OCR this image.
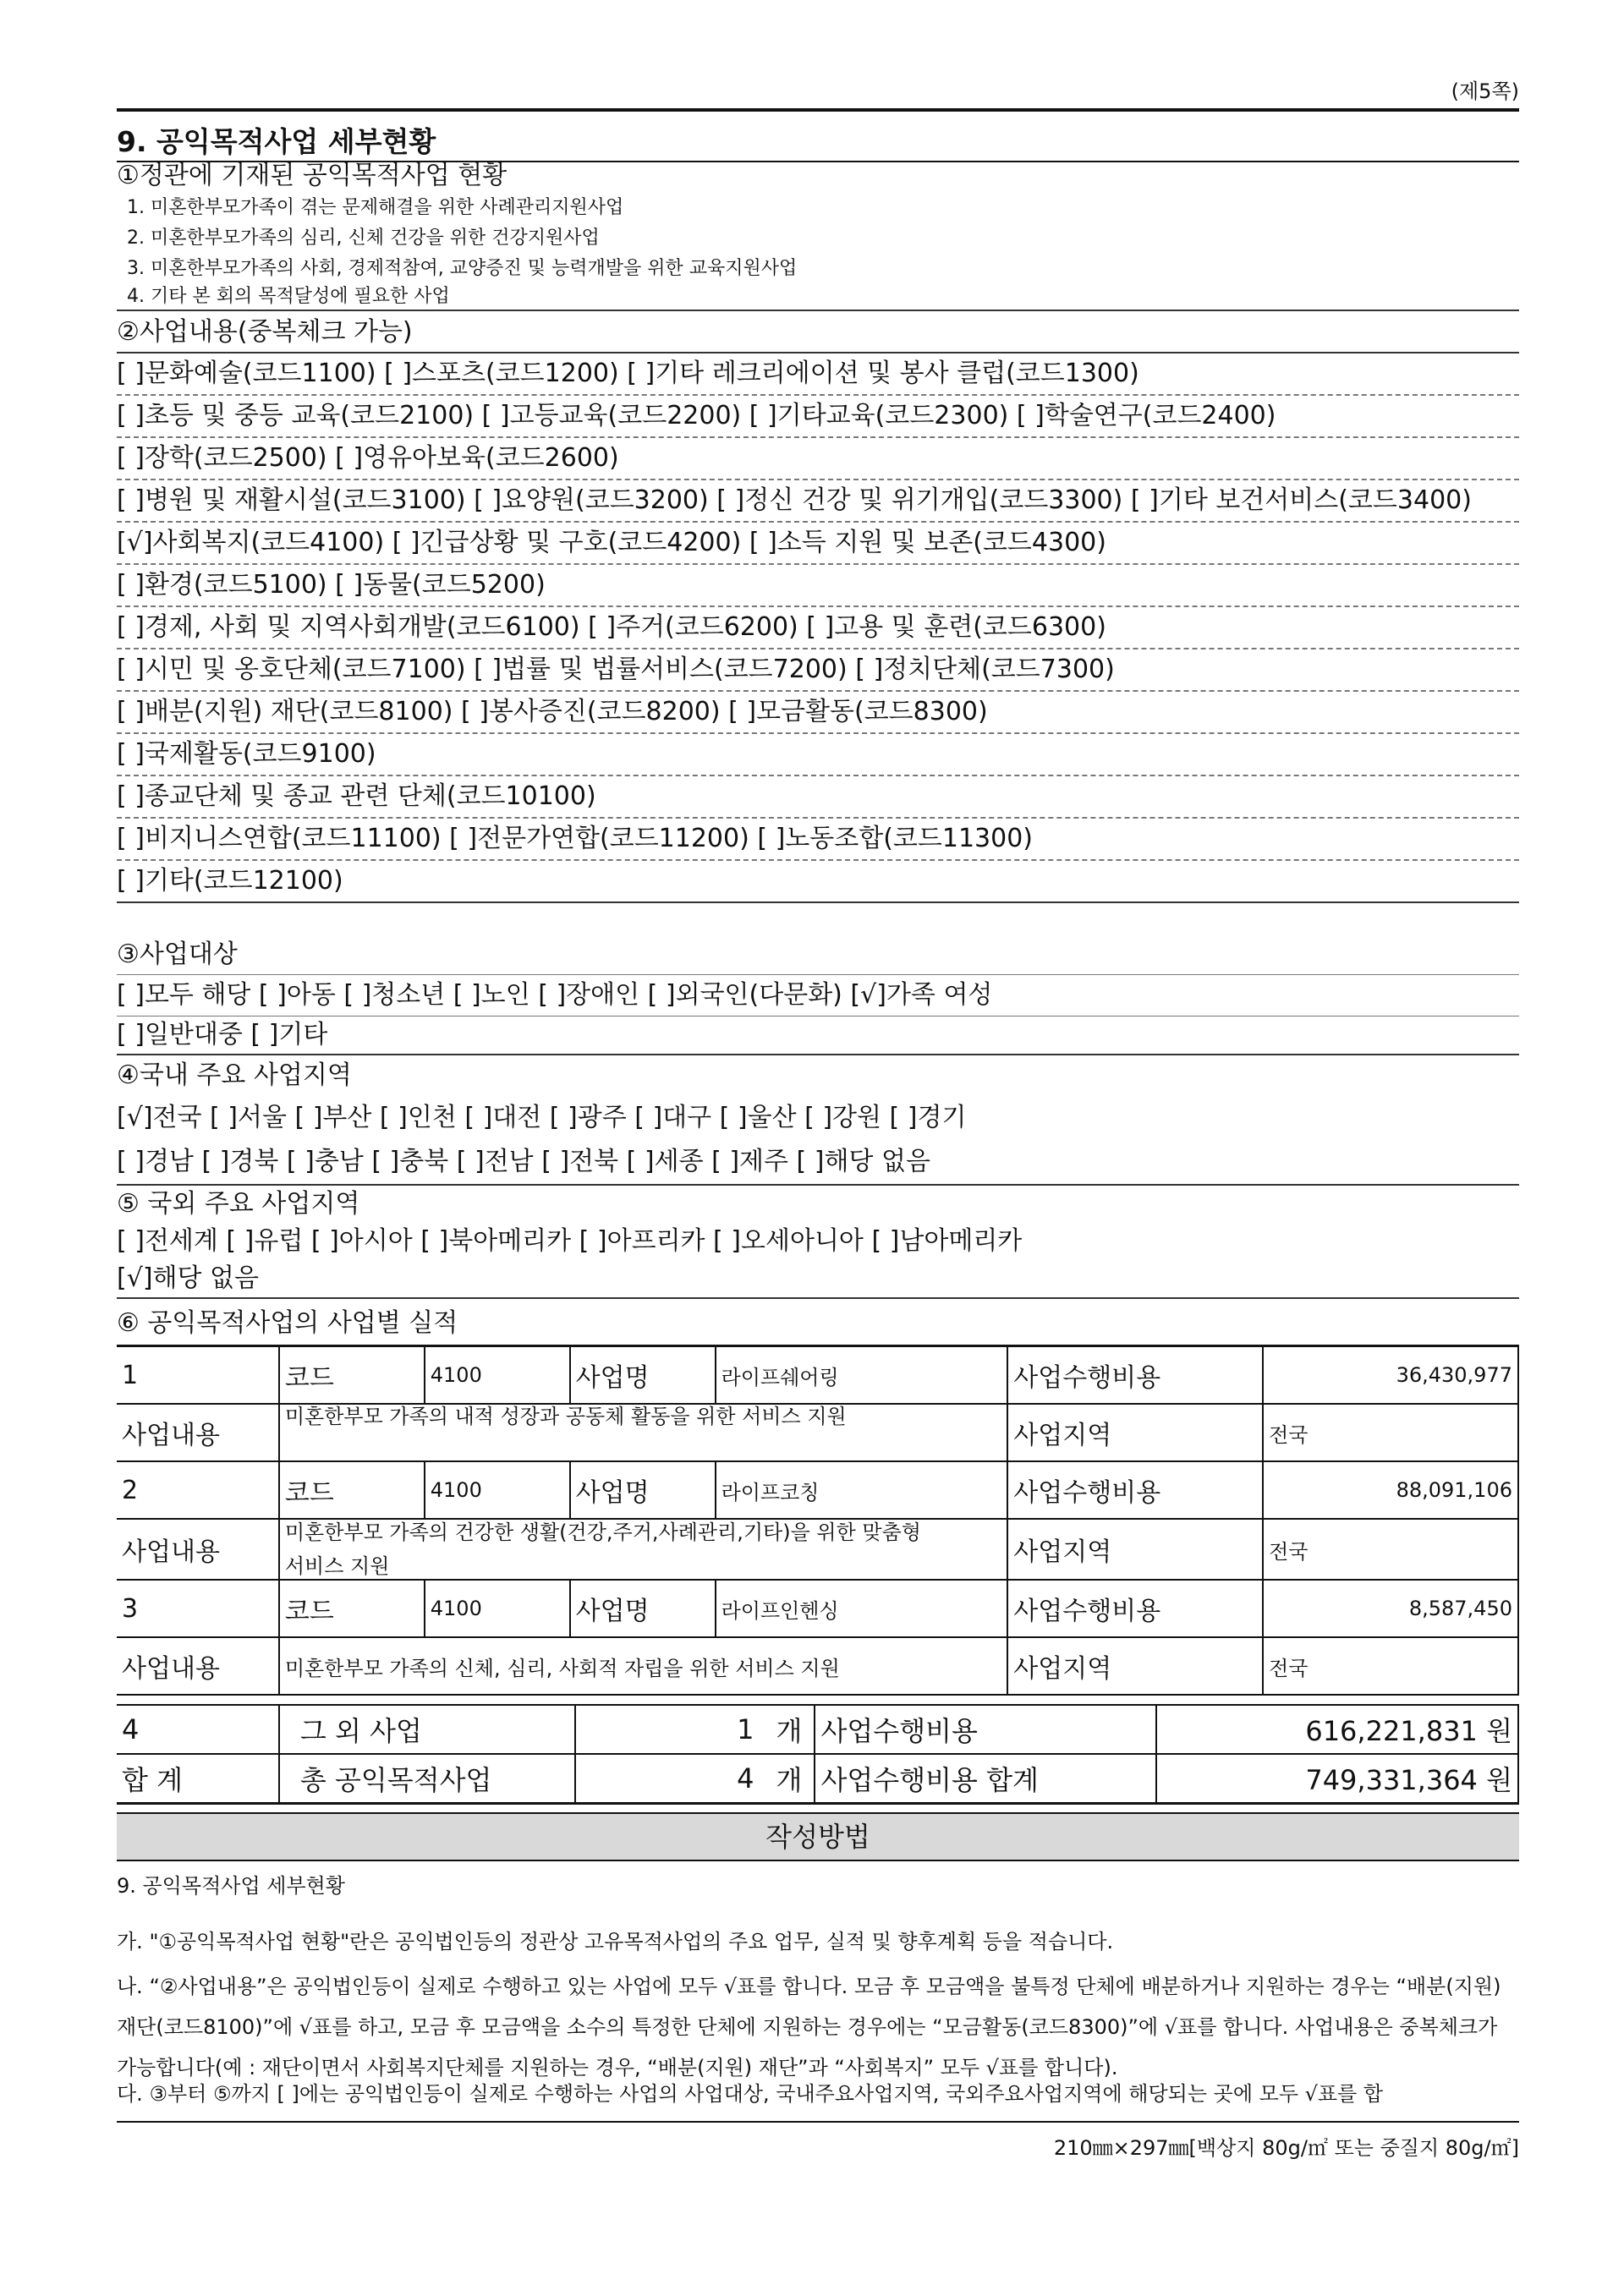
(제5쪽)
9. 공익목적사업 세부현황
①정관에 기재된 공익목적사업 현황
1. 미혼한부모가족이 겪는 문제해결을 위한 사례관리지원사업
2. 미혼한부모가족의 심리, 신체 건강을 위한 건강지원사업
3. 미혼한부모가족의 사회, 경제적참여, 교양증진 및 능력개발을 위한 교육지원사업
4. 기타 본 회의 목적달성에 필요한 사업
②사업내용(중복체크 가능)
[ ]문화예술(코드1100) [ ]스포츠(코드1200) [ ]기타 레크리에이션 및 봉사 클럽(코드1300)
[ ]초등 및 중등 교육(코드2100) [ ]고등교육(코드2200) [ ]기타교육(코드2300) [ ]학술연구(코드2400)
[ ]장학(코드2500) [ ]영유아보육(코드2600)
[ ]병원 및 재활시설(코드3100) [ ]요양원(코드3200) [ ]정신 건강 및 위기개입(코드3300) [ ]기타 보건서비스(코드3400)
[√]사회복지(코드4100) [ ]긴급상황 및 구호(코드4200) [ ]소득 지원 및 보존(코드4300)
[ ]환경(코드5100) [ ]동물(코드5200)
[ ]경제, 사회 및 지역사회개발(코드6100) [ ]주거(코드6200) [ ]고용 및 훈련(코드6300)
[ ]시민 및 옹호단체(코드7100) [ ]법률 및 법률서비스(코드7200) [ ]정치단체(코드7300)
[ ]배분(지원) 재단(코드8100) [ ]봉사증진(코드8200) [ ]모금활동(코드8300)
[ ]국제활동(코드9100)
[ ]종교단체 및 종교 관련 단체(코드10100)
[ ]비지니스연합(코드11100) [ ]전문가연합(코드11200) [ ]노동조합(코드11300)
[ ]기타(코드12100)
③사업대상
[ ]모두 해당 [ ]아동 [ ]청소년 [ ]노인 [ ]장애인 [ ]외국인(다문화) [√]가족 여성
[ ]일반대중 [ ]기타
④국내 주요 사업지역
[√]전국 [ ]서울 [ ]부산 [ ]인천 [ ]대전 [ ]광주 [ ]대구 [ ]울산 [ ]강원 [ ]경기
[ ]경남 [ ]경북 [ ]충남 [ ]충북 [ ]전남 [ ]전북 [ ]세종 [ ]제주 [ ]해당 없음
⑤ 국외 주요 사업지역
[ ]전세계 [ ]유럽 [ ]아시아 [ ]북아메리카 [ ]아프리카 [ ]오세아니아 [ ]남아메리카
[√]해당 없음
⑥ 공익목적사업의 사업별 실적
1	코드	4100	사업명	라이프쉐어링	사업수행비용	36,430,977
사업내용	미혼한부모 가족의 내적 성장과 공동체 활동을 위한 서비스 지원				사업지역	전국
2	코드	4100	사업명	라이프코칭	사업수행비용	88,091,106
사업내용	미혼한부모 가족의 건강한 생활(건강,주거,사례관리,기타)을 위한 맞춤형
서비스 지원				사업지역	전국
3	코드	4100	사업명	라이프인헨싱	사업수행비용	8,587,450
사업내용	미혼한부모 가족의 신체, 심리, 사회적 자립을 위한 서비스 지원				사업지역	전국
4	그 외 사업	1	개	사업수행비용	616,221,831 원
합 계	총 공익목적사업	4	개	사업수행비용 합계	749,331,364 원
작성방법
9. 공익목적사업 세부현황
가. "①공익목적사업 현황"란은 공익법인등의 정관상 고유목적사업의 주요 업무, 실적 및 향후계획 등을 적습니다.
나. “②사업내용”은 공익법인등이 실제로 수행하고 있는 사업에 모두 √표를 합니다. 모금 후 모금액을 불특정 단체에 배분하거나 지원하는 경우는 “배분(지원) 재단(코드8100)”에 √표를 하고, 모금 후 모금액을 소수의 특정한 단체에 지원하는 경우에는 “모금활동(코드8300)”에 √표를 합니다. 사업내용은 중복체크가 가능합니다(예 : 재단이면서 사회복지단체를 지원하는 경우, “배분(지원) 재단”과 “사회복지” 모두 √표를 합니다).
다. ③부터 ⑤까지 [ ]에는 공익법인등이 실제로 수행하는 사업의 사업대상, 국내주요사업지역, 국외주요사업지역에 해당되는 곳에 모두 √표를 합
210㎜×297㎜[백상지 80g/㎡ 또는 중질지 80g/㎡]
